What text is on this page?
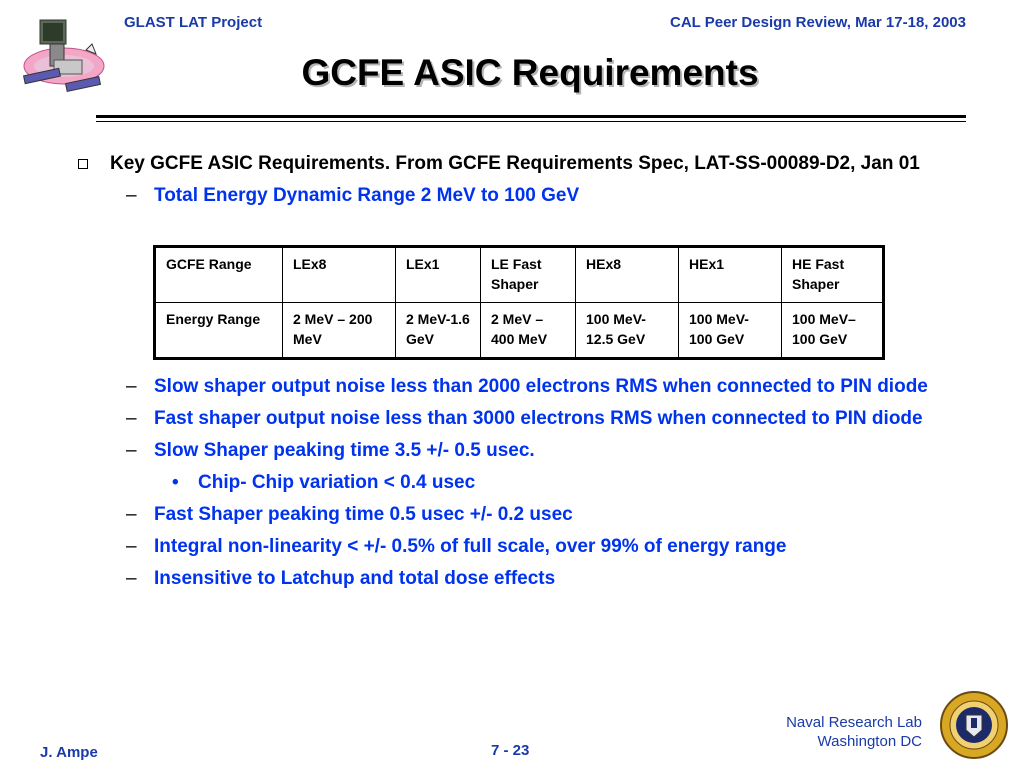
GLAST LAT Project	CAL Peer Design Review, Mar 17-18, 2003
GCFE ASIC Requirements
Key GCFE ASIC Requirements. From GCFE Requirements Spec, LAT-SS-00089-D2, Jan 01
– Total Energy Dynamic Range 2 MeV to 100 GeV
GCFE Range	LEx8	LEx1	LE Fast Shaper	HEx8	HEx1	HE Fast Shaper
Energy Range	2 MeV – 200 MeV	2 MeV-1.6 GeV	2 MeV – 400 MeV	100 MeV-12.5 GeV	100 MeV-100 GeV	100 MeV–100 GeV
– Slow shaper output noise less than 2000 electrons RMS when connected to PIN diode
– Fast shaper output noise less than 3000 electrons RMS when connected to PIN diode
– Slow Shaper peaking time 3.5 +/- 0.5 usec.
• Chip- Chip variation < 0.4 usec
– Fast Shaper peaking time 0.5 usec +/- 0.2 usec
– Integral non-linearity < +/- 0.5% of full scale, over 99% of energy range
– Insensitive to Latchup and total dose effects
J. Ampe	7 - 23
Naval Research Lab
Washington DC
